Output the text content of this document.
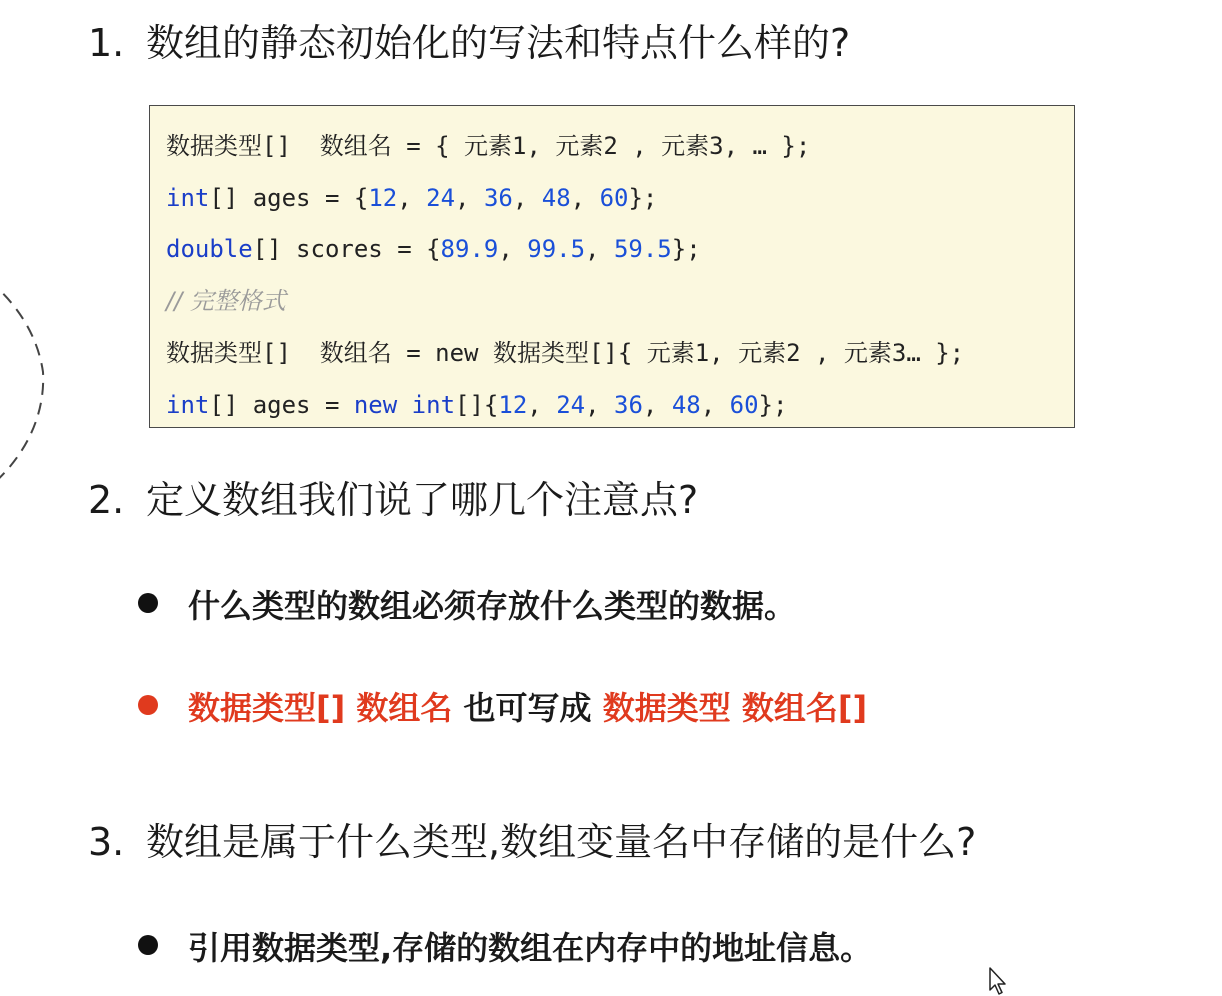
1. 数组的静态初始化的写法和特点什么样的?
数据类型[]  数组名 = { 元素1, 元素2 , 元素3, … };
int[] ages = {12, 24, 36, 48, 60};
double[] scores = {89.9, 99.5, 59.5};
// 完整格式
数据类型[]  数组名 = new 数据类型[]{ 元素1, 元素2 , 元素3… };
int[] ages = new int[]{12, 24, 36, 48, 60};
2. 定义数组我们说了哪几个注意点?
什么类型的数组必须存放什么类型的数据。
数据类型[] 数组名 也可写成 数据类型 数组名[]
3. 数组是属于什么类型,数组变量名中存储的是什么?
引用数据类型,存储的数组在内存中的地址信息。
